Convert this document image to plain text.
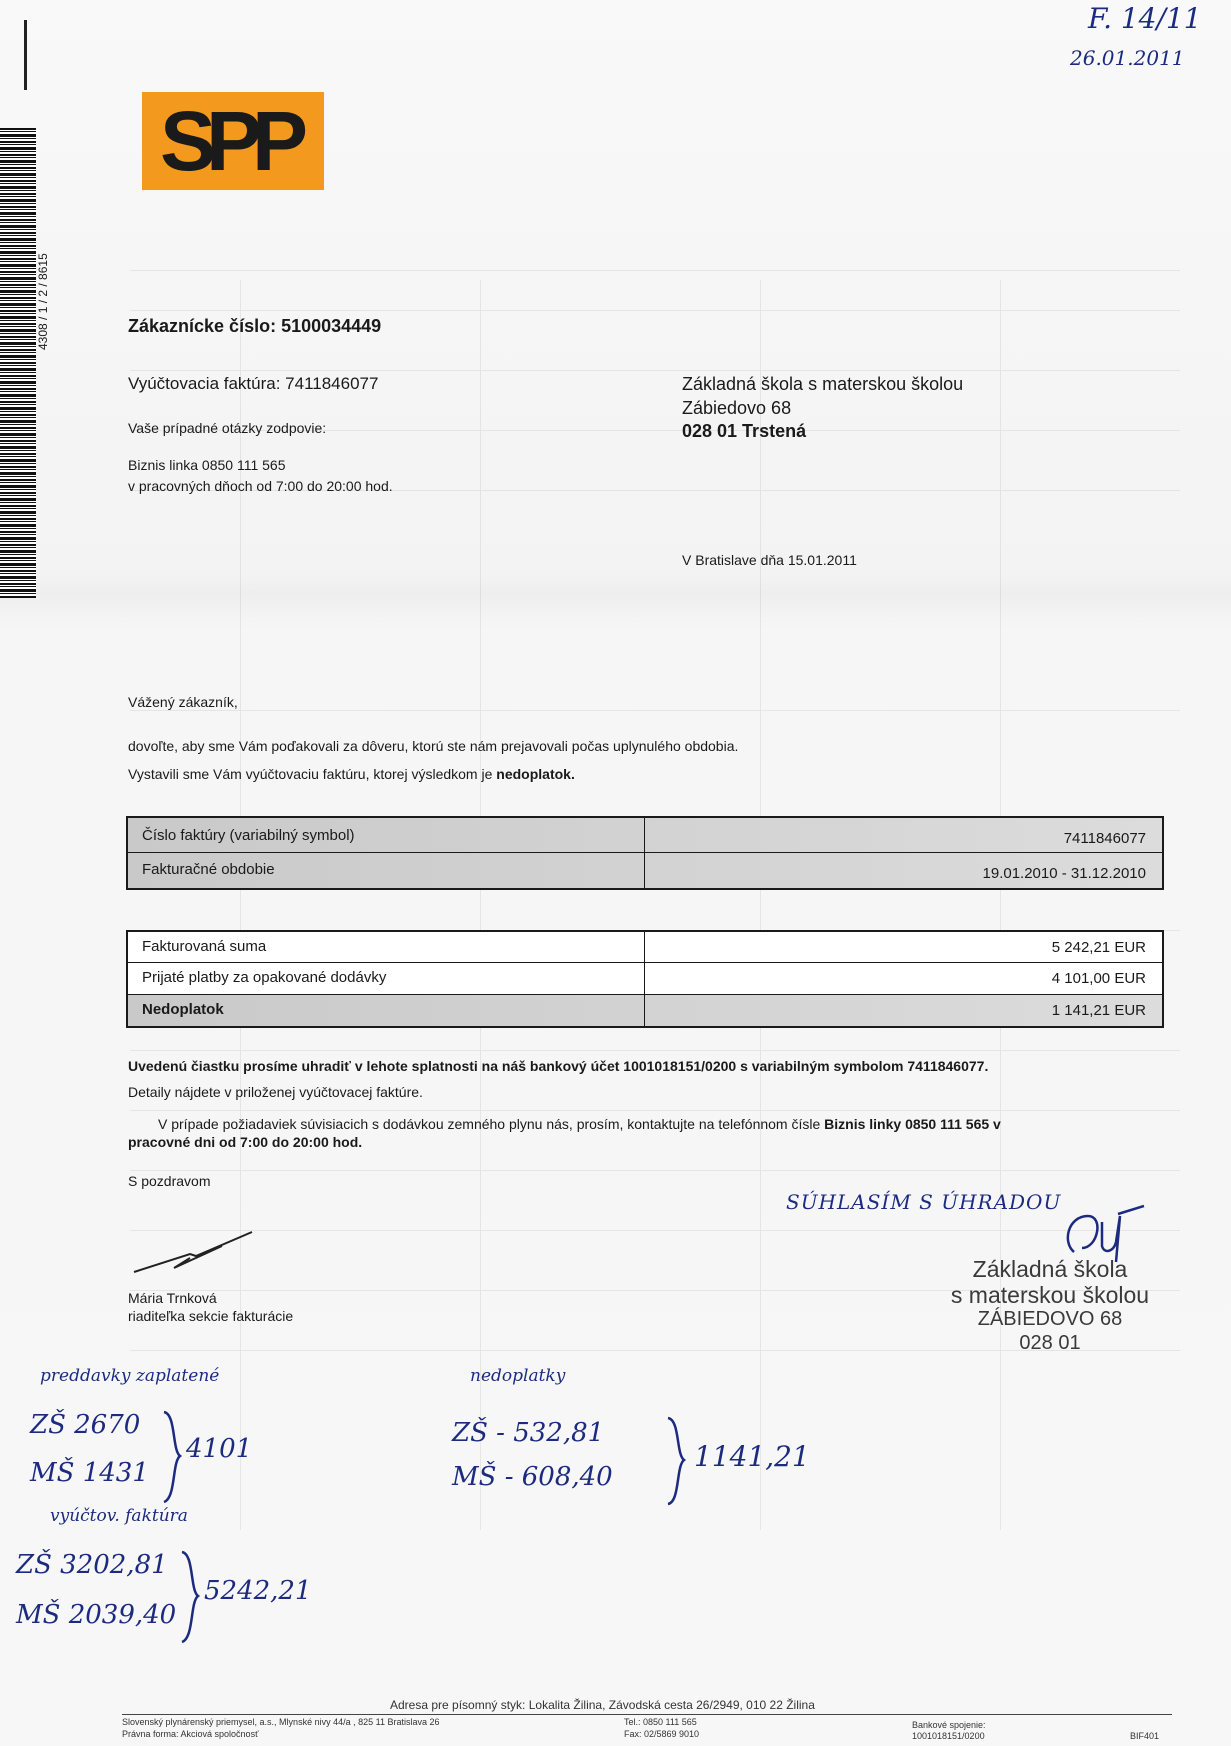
4308 / 1 / 2 / 8615
SPP
F. 14/11
26.01.2011
Zákaznícke číslo: 5100034449
Vyúčtovacia faktúra: 7411846077
Vaše prípadné otázky zodpovie:
Biznis linka 0850 111 565
v pracovných dňoch od 7:00 do 20:00 hod.
Základná škola s materskou školou
Zábiedovo 68
028 01 Trstená
V Bratislave dňa 15.01.2011
Vážený zákazník,
dovoľte, aby sme Vám poďakovali za dôveru, ktorú ste nám prejavovali počas uplynulého obdobia.
Vystavili sme Vám vyúčtovaciu faktúru, ktorej výsledkom je nedoplatok.
Číslo faktúry (variabilný symbol)	7411846077
Fakturačné obdobie	19.01.2010 - 31.12.2010
Fakturovaná suma	5 242,21 EUR
Prijaté platby za opakované dodávky	4 101,00 EUR
Nedoplatok	1 141,21 EUR
Uvedenú čiastku prosíme uhradiť v lehote splatnosti na náš bankový účet 1001018151/0200 s variabilným symbolom 7411846077.
Detaily nájdete v priloženej vyúčtovacej faktúre.
V prípade požiadaviek súvisiacich s dodávkou zemného plynu nás, prosím, kontaktujte na telefónnom čísle Biznis linky 0850 111 565 v
pracovné dni od 7:00 do 20:00 hod.
S pozdravom
Mária Trnková
riaditeľka sekcie fakturácie
SÚHLASÍM S ÚHRADOU
Základná škola
s materskou školou
ZÁBIEDOVO 68
028 01
preddavky zaplatené
ZŠ 2670
MŠ 1431
4101
nedoplatky
ZŠ - 532,81
MŠ - 608,40
1141,21
vyúčtov. faktúra
ZŠ 3202,81
MŠ 2039,40
5242,21
Adresa pre písomný styk: Lokalita Žilina, Závodská cesta 26/2949, 010 22 Žilina
Slovenský plynárenský priemysel, a.s., Mlynské nivy 44/a , 825 11 Bratislava 26
Právna forma: Akciová spoločnosť
Tel.: 0850 111 565
Fax: 02/5869 9010
Bankové spojenie:
1001018151/0200	BIF401
